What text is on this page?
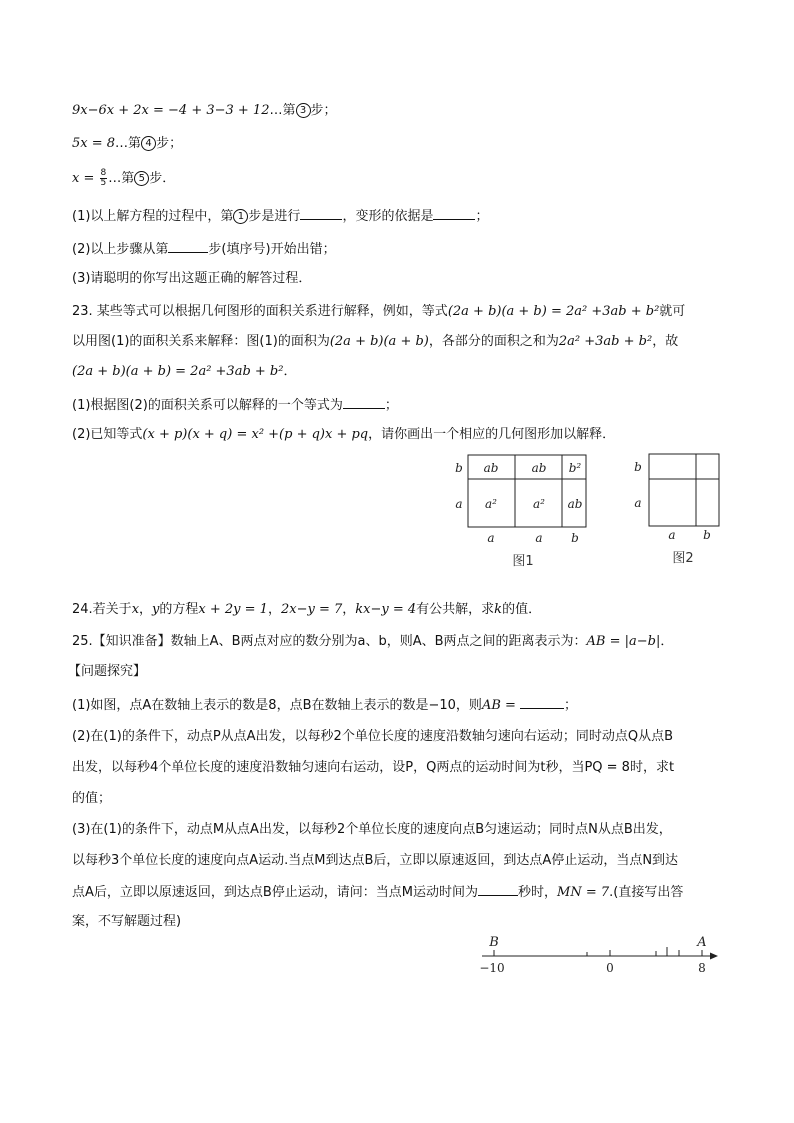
9x−6x + 2x = −4 + 3−3 + 12…第 3 步；
5x = 8…第 4 步；
$x = \frac{8}{5}$ …第 5 步．
(1)以上解方程的过程中，第 1 步是进行	，变形的依据是	；
(2)以上步骤从第	步(填序号)开始出错；
(3)请聪明的你写出这题正确的解答过程．
23. 某些等式可以根据几何图形的面积关系进行解释，例如，等式(2a + b)(a + b) = 2a² +3ab + b²就可
以用图(1)的面积关系来解释：图(1)的面积为(2a + b)(a + b)，各部分的面积之和为2a² +3ab + b²，故
(2a + b)(a + b) = 2a² +3ab + b²．
(1)根据图(2)的面积关系可以解释的一个等式为	；
(2)已知等式(x + p)(x + q) = x² +(p + q)x + pq，请你画出一个相应的几何图形加以解释．
ab	ab b²
a²	a² ab
b
a
a	a b
图1
b
a
a b
图2
24.若关于x，y的方程x + 2y = 1，2x−y = 7，kx−y = 4有公共解，求k的值．
25.【知识准备】数轴上A、B两点对应的数分别为a、b，则A、B两点之间的距离表示为：AB = |a−b|．
【问题探究】
(1)如图，点A在数轴上表示的数是8，点B在数轴上表示的数是−10，则AB =	；
(2)在(1)的条件下，动点P从点A出发，以每秒2个单位长度的速度沿数轴匀速向右运动；同时动点Q从点B
出发，以每秒4个单位长度的速度沿数轴匀速向右运动，设P，Q两点的运动时间为t秒，当PQ = 8时，求t
的值；
(3)在(1)的条件下，动点M从点A出发，以每秒2个单位长度的速度向点B匀速运动；同时点N从点B出发，
以每秒3个单位长度的速度向点A运动.当点M到达点B后，立即以原速返回，到达点A停止运动，当点N到达
点A后，立即以原速返回，到达点B停止运动，请问：当点M运动时间为	秒时，MN = 7.(直接写出答
案，不写解题过程)
B	A
−10	0	8
